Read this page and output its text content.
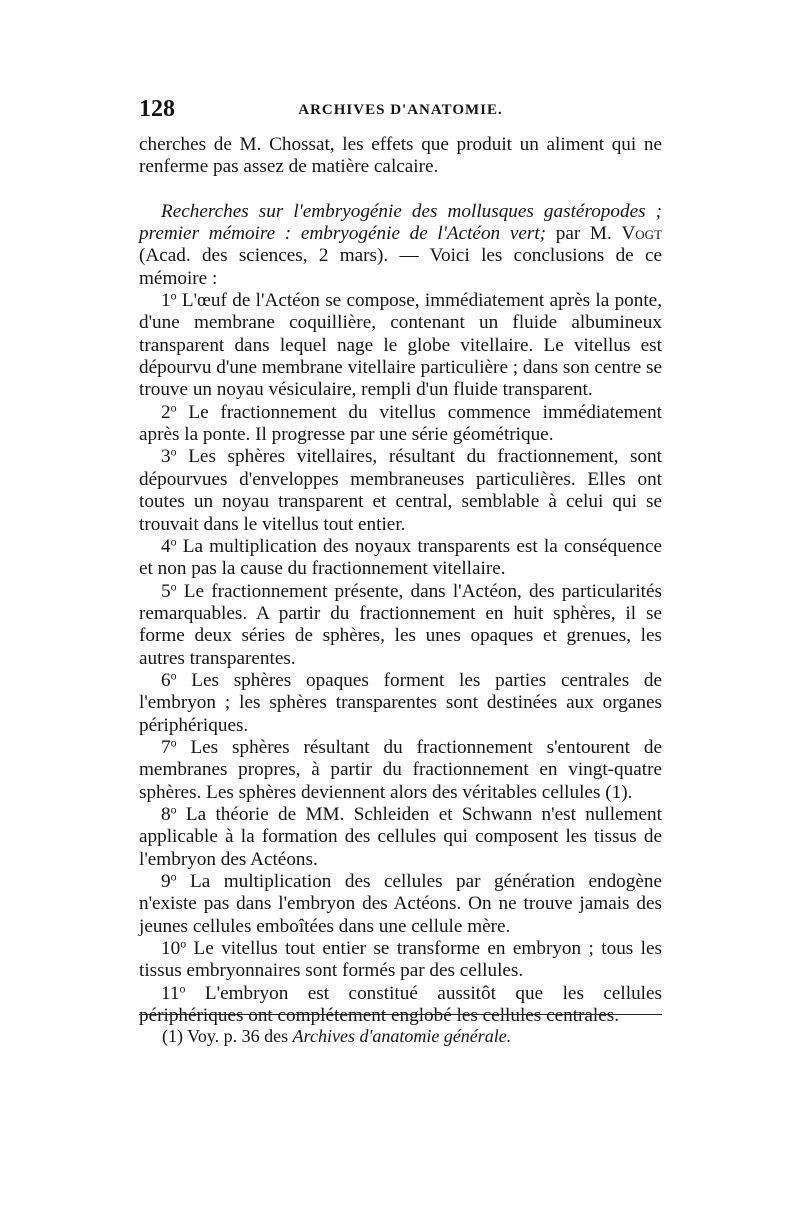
128	ARCHIVES D'ANATOMIE.

cherches de M. Chossat, les effets que produit un aliment qui ne renferme pas assez de matière calcaire.

Recherches sur l'embryogénie des mollusques gastéropodes ; premier mémoire : embryogénie de l'Actéon vert; par M. Vogt (Acad. des sciences, 2 mars). — Voici les conclusions de ce mémoire :

1$^o$ L'œuf de l'Actéon se compose, immédiatement après la ponte, d'une membrane coquillière, contenant un fluide albumineux transparent dans lequel nage le globe vitellaire. Le vitellus est dépourvu d'une membrane vitellaire particulière ; dans son centre se trouve un noyau vésiculaire, rempli d'un fluide transparent.

2$^o$ Le fractionnement du vitellus commence immédiatement après la ponte. Il progresse par une série géométrique.

3$^o$ Les sphères vitellaires, résultant du fractionnement, sont dépourvues d'enveloppes membraneuses particulières. Elles ont toutes un noyau transparent et central, semblable à celui qui se trouvait dans le vitellus tout entier.

4$^o$ La multiplication des noyaux transparents est la conséquence et non pas la cause du fractionnement vitellaire.

5$^o$ Le fractionnement présente, dans l'Actéon, des particularités remarquables. A partir du fractionnement en huit sphères, il se forme deux séries de sphères, les unes opaques et grenues, les autres transparentes.

6$^o$ Les sphères opaques forment les parties centrales de l'embryon ; les sphères transparentes sont destinées aux organes périphériques.

7$^o$ Les sphères résultant du fractionnement s'entourent de membranes propres, à partir du fractionnement en vingt-quatre sphères. Les sphères deviennent alors des véritables cellules (1).

8$^o$ La théorie de MM. Schleiden et Schwann n'est nullement applicable à la formation des cellules qui composent les tissus de l'embryon des Actéons.

9$^o$ La multiplication des cellules par génération endogène n'existe pas dans l'embryon des Actéons. On ne trouve jamais des jeunes cellules emboîtées dans une cellule mère.

10$^o$ Le vitellus tout entier se transforme en embryon ; tous les tissus embryonnaires sont formés par des cellules.

11$^o$ L'embryon est constitué aussitôt que les cellules périphériques ont complétement englobé les cellules centrales.

(1) Voy. p. 36 des Archives d'anatomie générale.
